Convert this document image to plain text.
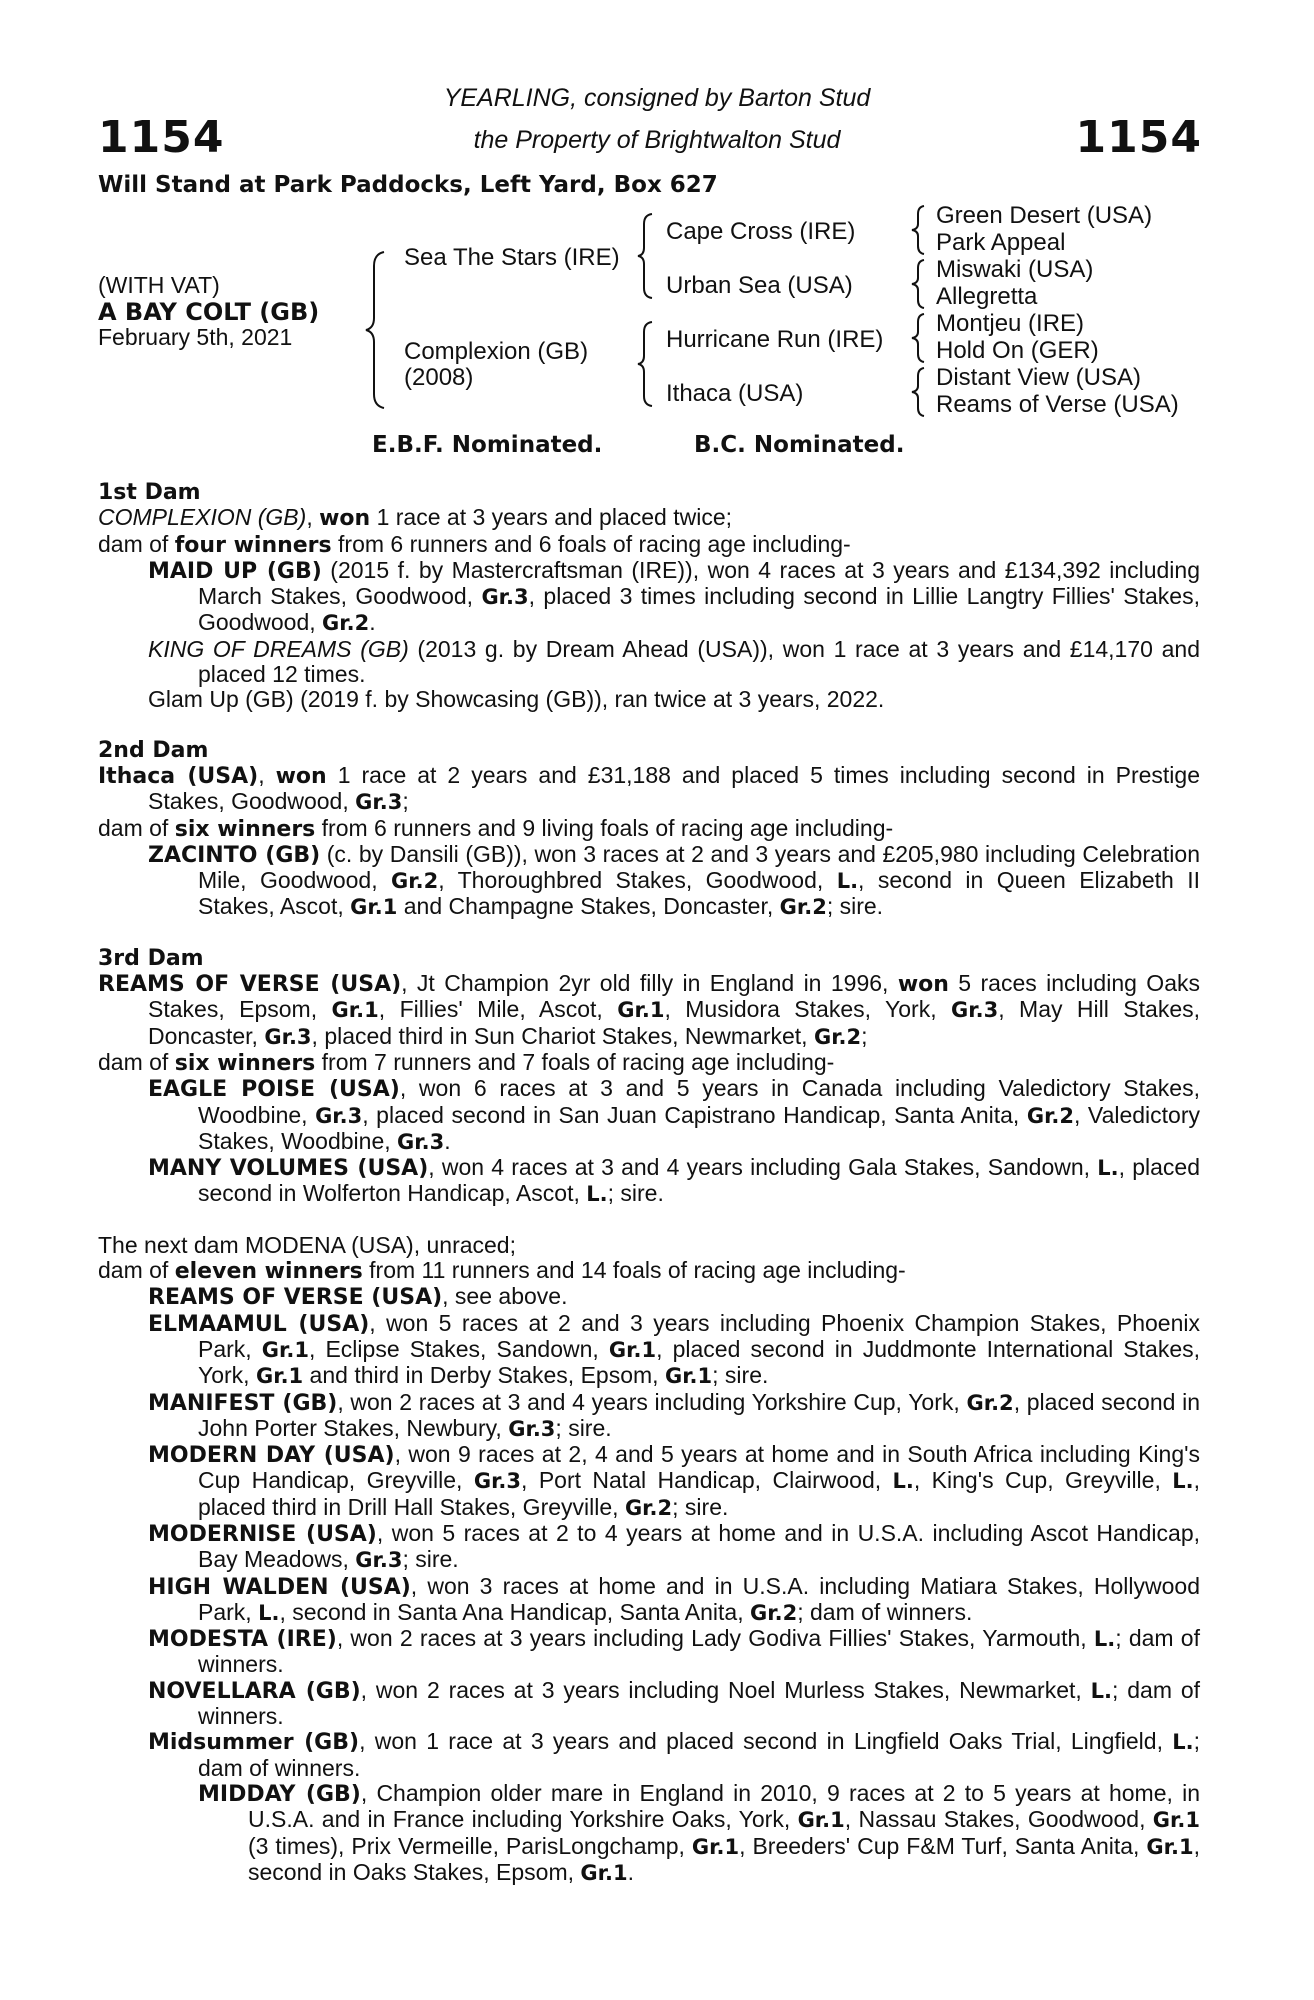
1154	1154
YEARLING, consigned by Barton Stud
the Property of Brightwalton Stud
Will Stand at Park Paddocks, Left Yard, Box 627
(WITH VAT)
A BAY COLT (GB)
February 5th, 2021
Sea The Stars (IRE)
Complexion (GB)
(2008)
Cape Cross (IRE)
Urban Sea (USA)
Hurricane Run (IRE)
Ithaca (USA)
Green Desert (USA)
Park Appeal
Miswaki (USA)
Allegretta
Montjeu (IRE)
Hold On (GER)
Distant View (USA)
Reams of Verse (USA)
E.B.F. Nominated.	B.C. Nominated.
1st Dam

COMPLEXION (GB), won 1 race at 3 years and placed twice;

dam of four winners from 6 runners and 6 foals of racing age including-

MAID UP (GB) (2015 f. by Mastercraftsman (IRE)), won 4 races at 3 years and £134,392 including March Stakes, Goodwood, Gr.3, placed 3 times including second in Lillie Langtry Fillies' Stakes, Goodwood, Gr.2.

KING OF DREAMS (GB) (2013 g. by Dream Ahead (USA)), won 1 race at 3 years and £14,170 and placed 12 times.

Glam Up (GB) (2019 f. by Showcasing (GB)), ran twice at 3 years, 2022.

2nd Dam

Ithaca (USA), won 1 race at 2 years and £31,188 and placed 5 times including second in Prestige Stakes, Goodwood, Gr.3;

dam of six winners from 6 runners and 9 living foals of racing age including-

ZACINTO (GB) (c. by Dansili (GB)), won 3 races at 2 and 3 years and £205,980 including Celebration Mile, Goodwood, Gr.2, Thoroughbred Stakes, Goodwood, L., second in Queen Elizabeth II Stakes, Ascot, Gr.1 and Champagne Stakes, Doncaster, Gr.2; sire.

3rd Dam

REAMS OF VERSE (USA), Jt Champion 2yr old filly in England in 1996, won 5 races including Oaks Stakes, Epsom, Gr.1, Fillies' Mile, Ascot, Gr.1, Musidora Stakes, York, Gr.3, May Hill Stakes, Doncaster, Gr.3, placed third in Sun Chariot Stakes, Newmarket, Gr.2;

dam of six winners from 7 runners and 7 foals of racing age including-

EAGLE POISE (USA), won 6 races at 3 and 5 years in Canada including Valedictory Stakes, Woodbine, Gr.3, placed second in San Juan Capistrano Handicap, Santa Anita, Gr.2, Valedictory Stakes, Woodbine, Gr.3.

MANY VOLUMES (USA), won 4 races at 3 and 4 years including Gala Stakes, Sandown, L., placed second in Wolferton Handicap, Ascot, L.; sire.

The next dam MODENA (USA), unraced;

dam of eleven winners from 11 runners and 14 foals of racing age including-

REAMS OF VERSE (USA), see above.

ELMAAMUL (USA), won 5 races at 2 and 3 years including Phoenix Champion Stakes, Phoenix Park, Gr.1, Eclipse Stakes, Sandown, Gr.1, placed second in Juddmonte International Stakes, York, Gr.1 and third in Derby Stakes, Epsom, Gr.1; sire.

MANIFEST (GB), won 2 races at 3 and 4 years including Yorkshire Cup, York, Gr.2, placed second in John Porter Stakes, Newbury, Gr.3; sire.

MODERN DAY (USA), won 9 races at 2, 4 and 5 years at home and in South Africa including King's Cup Handicap, Greyville, Gr.3, Port Natal Handicap, Clairwood, L., King's Cup, Greyville, L., placed third in Drill Hall Stakes, Greyville, Gr.2; sire.

MODERNISE (USA), won 5 races at 2 to 4 years at home and in U.S.A. including Ascot Handicap, Bay Meadows, Gr.3; sire.

HIGH WALDEN (USA), won 3 races at home and in U.S.A. including Matiara Stakes, Hollywood Park, L., second in Santa Ana Handicap, Santa Anita, Gr.2; dam of winners.

MODESTA (IRE), won 2 races at 3 years including Lady Godiva Fillies' Stakes, Yarmouth, L.; dam of winners.

NOVELLARA (GB), won 2 races at 3 years including Noel Murless Stakes, Newmarket, L.; dam of winners.

Midsummer (GB), won 1 race at 3 years and placed second in Lingfield Oaks Trial, Lingfield, L.; dam of winners.

MIDDAY (GB), Champion older mare in England in 2010, 9 races at 2 to 5 years at home, in U.S.A. and in France including Yorkshire Oaks, York, Gr.1, Nassau Stakes, Goodwood, Gr.1 (3 times), Prix Vermeille, ParisLongchamp, Gr.1, Breeders' Cup F&M Turf, Santa Anita, Gr.1, second in Oaks Stakes, Epsom, Gr.1.
